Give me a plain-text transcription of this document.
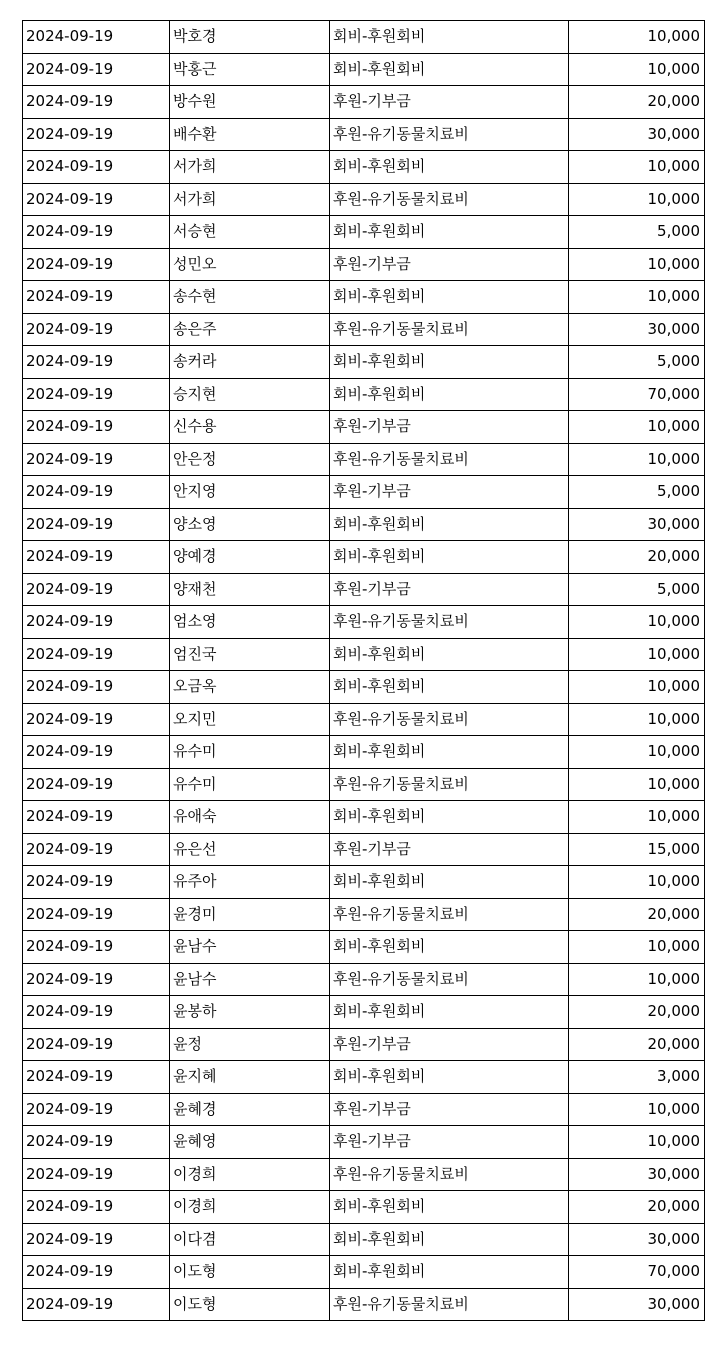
2024-09-19	박호경	회비-후원회비	10,000
2024-09-19	박홍근	회비-후원회비	10,000
2024-09-19	방수원	후원-기부금	20,000
2024-09-19	배수환	후원-유기동물치료비	30,000
2024-09-19	서가희	회비-후원회비	10,000
2024-09-19	서가희	후원-유기동물치료비	10,000
2024-09-19	서승현	회비-후원회비	5,000
2024-09-19	성민오	후원-기부금	10,000
2024-09-19	송수현	회비-후원회비	10,000
2024-09-19	송은주	후원-유기동물치료비	30,000
2024-09-19	송커라	회비-후원회비	5,000
2024-09-19	승지현	회비-후원회비	70,000
2024-09-19	신수용	후원-기부금	10,000
2024-09-19	안은정	후원-유기동물치료비	10,000
2024-09-19	안지영	후원-기부금	5,000
2024-09-19	양소영	회비-후원회비	30,000
2024-09-19	양예경	회비-후원회비	20,000
2024-09-19	양재천	후원-기부금	5,000
2024-09-19	엄소영	후원-유기동물치료비	10,000
2024-09-19	엄진국	회비-후원회비	10,000
2024-09-19	오금옥	회비-후원회비	10,000
2024-09-19	오지민	후원-유기동물치료비	10,000
2024-09-19	유수미	회비-후원회비	10,000
2024-09-19	유수미	후원-유기동물치료비	10,000
2024-09-19	유애숙	회비-후원회비	10,000
2024-09-19	유은선	후원-기부금	15,000
2024-09-19	유주아	회비-후원회비	10,000
2024-09-19	윤경미	후원-유기동물치료비	20,000
2024-09-19	윤남수	회비-후원회비	10,000
2024-09-19	윤남수	후원-유기동물치료비	10,000
2024-09-19	윤봉하	회비-후원회비	20,000
2024-09-19	윤정	후원-기부금	20,000
2024-09-19	윤지혜	회비-후원회비	3,000
2024-09-19	윤혜경	후원-기부금	10,000
2024-09-19	윤혜영	후원-기부금	10,000
2024-09-19	이경희	후원-유기동물치료비	30,000
2024-09-19	이경희	회비-후원회비	20,000
2024-09-19	이다겸	회비-후원회비	30,000
2024-09-19	이도형	회비-후원회비	70,000
2024-09-19	이도형	후원-유기동물치료비	30,000
